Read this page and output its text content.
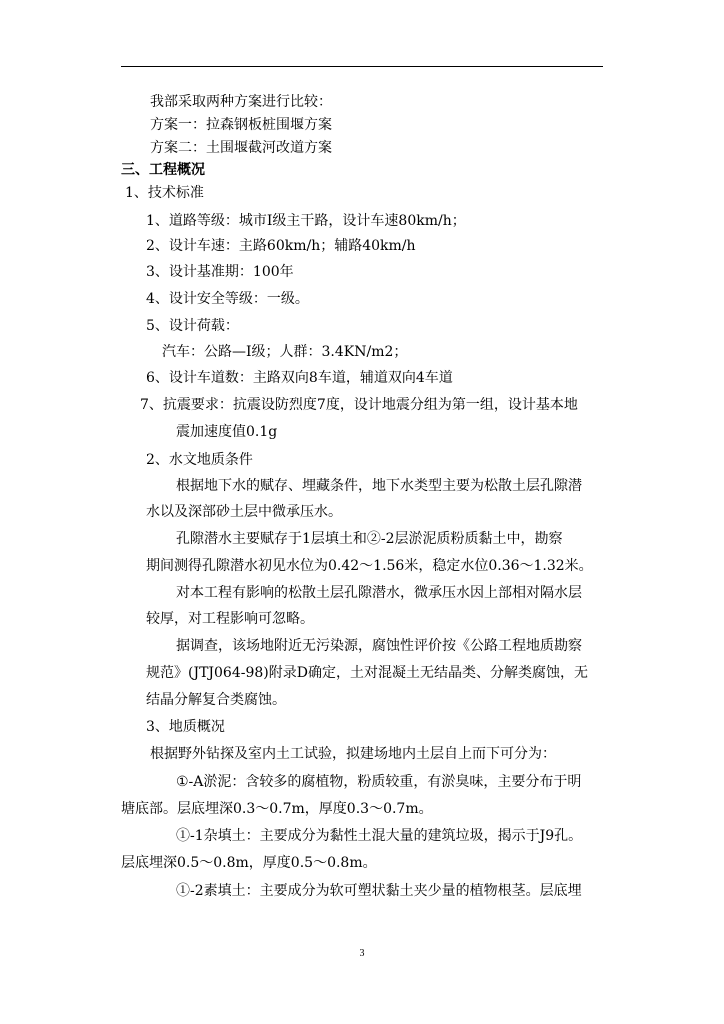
我部采取两种方案进行比较：
方案一：拉森钢板桩围堰方案
方案二：土围堰截河改道方案
三、工程概况
1、技术标准
1、道路等级：城市Ⅰ级主干路，设计车速80km/h；
2、设计车速：主路60km/h；辅路40km/h
3、设计基准期：100年
4、设计安全等级：一级。
5、设计荷载：
汽车：公路—Ⅰ级；人群：3.4KN/m2；
6、设计车道数：主路双向8车道，辅道双向4车道
7、抗震要求：抗震设防烈度7度，设计地震分组为第一组，设计基本地
震加速度值0.1g
2、水文地质条件
根据地下水的赋存、埋藏条件，地下水类型主要为松散土层孔隙潜
水以及深部砂土层中微承压水。
孔隙潜水主要赋存于1层填土和②-2层淤泥质粉质黏土中，勘察
期间测得孔隙潜水初见水位为0.42～1.56米，稳定水位0.36～1.32米。
对本工程有影响的松散土层孔隙潜水，微承压水因上部相对隔水层
较厚，对工程影响可忽略。
据调查，该场地附近无污染源，腐蚀性评价按《公路工程地质勘察
规范》(JTJ064-98)附录D确定，土对混凝土无结晶类、分解类腐蚀，无
结晶分解复合类腐蚀。
3、地质概况
根据野外钻探及室内土工试验，拟建场地内土层自上而下可分为：
①-A淤泥：含较多的腐植物，粉质较重，有淤臭味，主要分布于明
塘底部。层底埋深0.3～0.7m，厚度0.3～0.7m。
①-1杂填土：主要成分为黏性土混大量的建筑垃圾，揭示于J9孔。
层底埋深0.5～0.8m，厚度0.5～0.8m。
①-2素填土：主要成分为软可塑状黏土夹少量的植物根茎。层底埋
3
